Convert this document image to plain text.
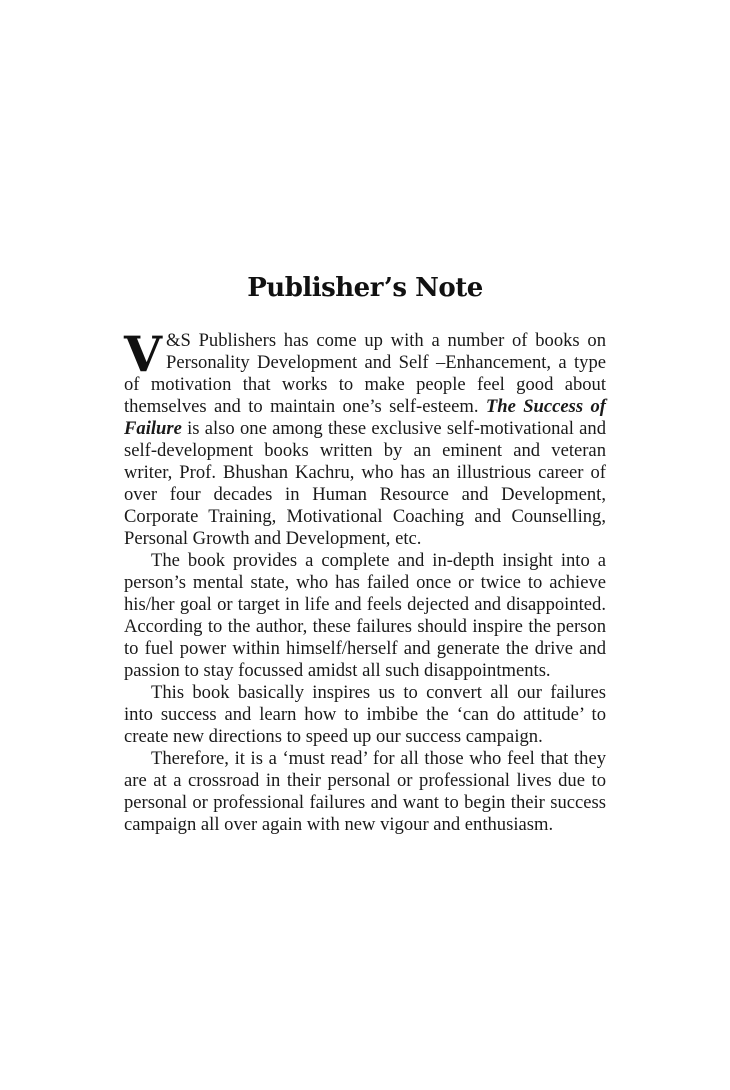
Publisher’s Note

V &S Publishers has come up with a number of books on Personality Development and Self –Enhancement, a type of motivation that works to make people feel good about themselves and to maintain one’s self-esteem. The Success of Failure is also one among these exclusive self-motivational and self-development books written by an eminent and veteran writer, Prof. Bhushan Kachru, who has an illustrious career of over four decades in Human Resource and Development, Corporate Training, Motivational Coaching and Counselling, Personal Growth and Development, etc.

The book provides a complete and in-depth insight into a person’s mental state, who has failed once or twice to achieve his/her goal or target in life and feels dejected and disappointed. According to the author, these failures should inspire the person to fuel power within himself/herself and generate the drive and passion to stay focussed amidst all such disappointments.

This book basically inspires us to convert all our failures into success and learn how to imbibe the ‘can do attitude’ to create new directions to speed up our success campaign.

Therefore, it is a ‘must read’ for all those who feel that they are at a crossroad in their personal or professional lives due to personal or professional failures and want to begin their success campaign all over again with new vigour and enthusiasm.
